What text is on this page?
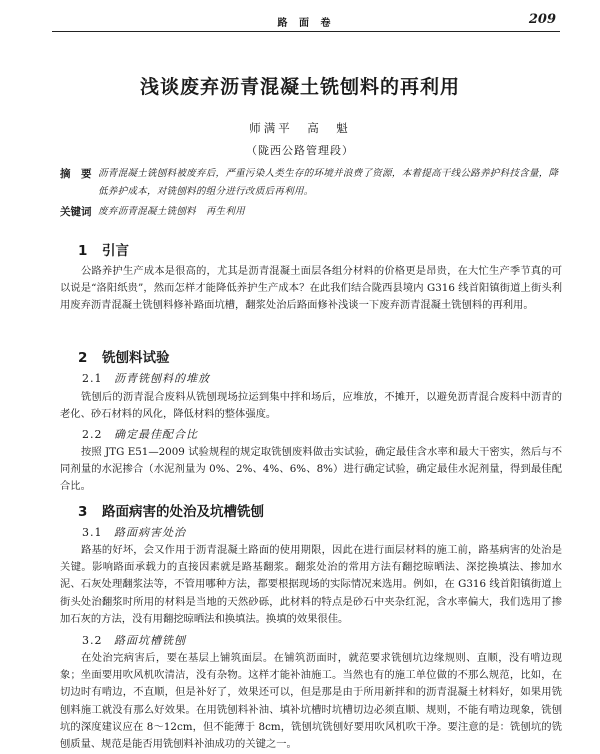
路 面 卷	209
浅谈废弃沥青混凝土铣刨料的再利用
师满平　高　魁
（陇西公路管理段）
摘　要 沥青混凝土铣刨料被废弃后，严重污染人类生存的环境并浪费了资源，本着提高干线公路养护科技含量，降低养护成本，对铣刨料的组分进行改质后再利用。
关键词 废弃沥青混凝土铣刨料　再生利用
1 引言
公路养护生产成本是很高的，尤其是沥青混凝土面层各组分材料的价格更是昂贵，在大忙生产季节真的可以说是“洛阳纸贵”，然而怎样才能降低养护生产成本？在此我们结合陇西县境内 G316 线首阳镇街道上街头利用废弃沥青混凝土铣刨料修补路面坑槽，翻浆处治后路面修补浅谈一下废弃沥青混凝土铣刨料的再利用。
2 铣刨料试验
2.1 沥青铣刨料的堆放
铣刨后的沥青混合废料从铣刨现场拉运到集中拌和场后，应堆放，不摊开，以避免沥青混合废料中沥青的老化、砂石材料的风化，降低材料的整体强度。
2.2 确定最佳配合比
按照 JTG E51—2009 试验规程的规定取铣刨废料做击实试验，确定最佳含水率和最大干密实，然后与不同剂量的水泥掺合（水泥剂量为 0%、2%、4%、6%、8%）进行确定试验，确定最佳水泥剂量，得到最佳配合比。
3 路面病害的处治及坑槽铣刨
3.1 路面病害处治
路基的好坏，会又作用于沥青混凝土路面的使用期限，因此在进行面层材料的施工前，路基病害的处治是关键。影响路面承载力的直接因素就是路基翻浆。翻浆处治的常用方法有翻挖晾晒法、深挖换填法、掺加水泥、石灰处理翻浆法等，不管用哪种方法，都要根据现场的实际情况来选用。例如，在 G316 线首阳镇街道上街头处治翻浆时所用的材料是当地的天然砂砾，此材料的特点是砂石中夹杂红泥，含水率偏大，我们选用了掺加石灰的方法，没有用翻挖晾晒法和换填法。换填的效果很佳。
3.2 路面坑槽铣刨
在处治完病害后，要在基层上铺筑面层。在铺筑沥面时，就范要求铣刨坑边缘规则、直顺，没有啃边现象；坐面要用吹风机吹清洁，没有杂物。这样才能补油施工。当然也有的施工单位做的不那么规范，比如，在切边时有啃边，不直顺，但是补好了，效果还可以，但是那是由于所用新拌和的沥青混凝土材料好，如果用铣刨料施工就没有那么好效果。在用铣刨料补油、填补坑槽时坑槽切边必须直顺、规则，不能有啃边现象，铣刨坑的深度建议应在 8～12cm，但不能薄于 8cm，铣刨坑铣刨好要用吹风机吹干净。要注意的是：铣刨坑的铣刨质量、规范是能否用铣刨料补油成功的关键之一。
